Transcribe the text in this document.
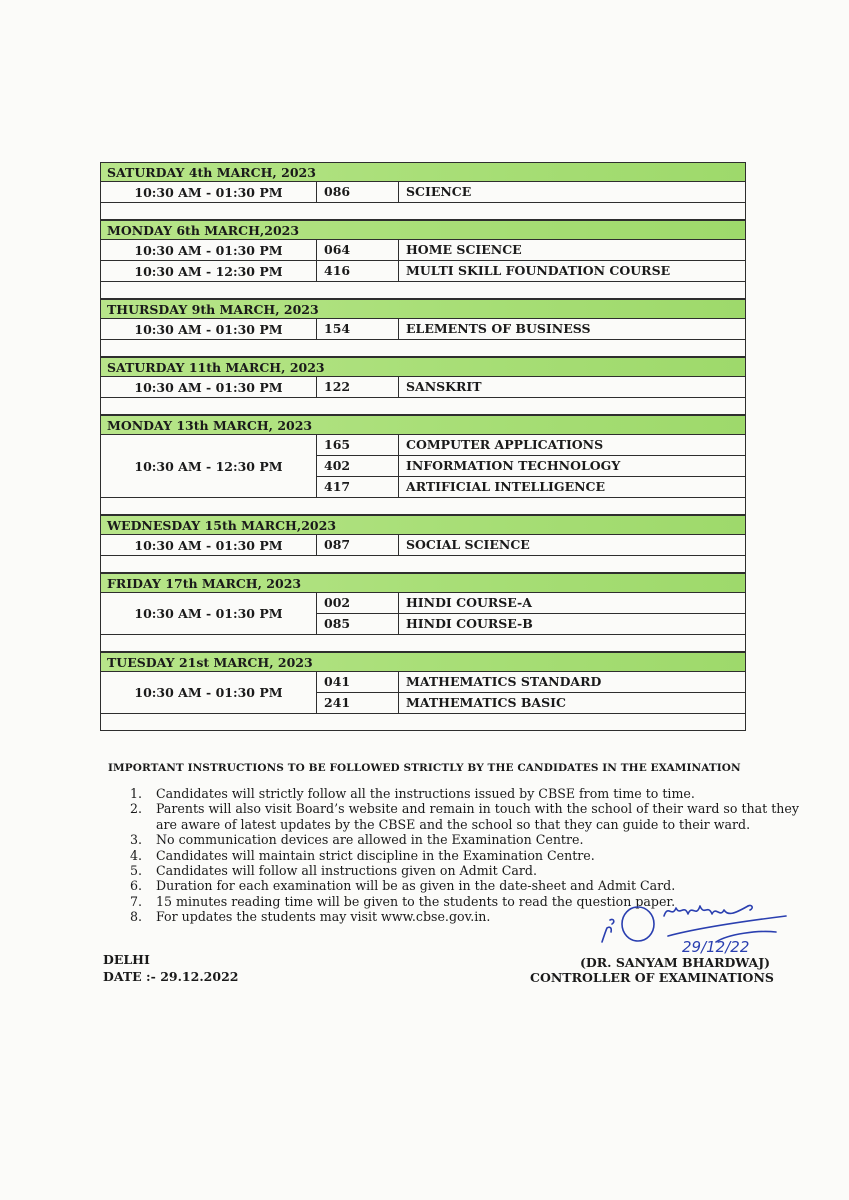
SATURDAY 4th MARCH, 2023
10:30 AM - 01:30 PM	086	SCIENCE
MONDAY 6th MARCH,2023
10:30 AM - 01:30 PM	064	HOME SCIENCE
10:30 AM - 12:30 PM	416	MULTI SKILL FOUNDATION COURSE
THURSDAY 9th MARCH, 2023
10:30 AM - 01:30 PM	154	ELEMENTS OF BUSINESS
SATURDAY 11th MARCH, 2023
10:30 AM - 01:30 PM	122	SANSKRIT
MONDAY 13th MARCH, 2023
10:30 AM - 12:30 PM
165	COMPUTER APPLICATIONS
402	INFORMATION TECHNOLOGY
417	ARTIFICIAL INTELLIGENCE
WEDNESDAY 15th MARCH,2023
10:30 AM - 01:30 PM	087	SOCIAL SCIENCE
FRIDAY 17th MARCH, 2023
10:30 AM - 01:30 PM
002	HINDI COURSE-A
085	HINDI COURSE-B
TUESDAY 21st MARCH, 2023
10:30 AM - 01:30 PM
041	MATHEMATICS STANDARD
241	MATHEMATICS BASIC
IMPORTANT INSTRUCTIONS TO BE FOLLOWED STRICTLY BY THE CANDIDATES IN THE EXAMINATION
1.	Candidates will strictly follow all the instructions issued by CBSE from time to time.
2.	Parents will also visit Board’s website and remain in touch with the school of their ward so that they are aware of latest updates by the CBSE and the school so that they can guide to their ward.
3.	No communication devices are allowed in the Examination Centre.
4.	Candidates will maintain strict discipline in the Examination Centre.
5.	Candidates will follow all instructions given on Admit Card.
6.	Duration for each examination will be as given in the date-sheet and Admit Card.
7.	15 minutes reading time will be given to the students to read the question paper.
8.	For updates the students may visit www.cbse.gov.in.
DELHI
DATE :- 29.12.2022
29/12/22
(DR. SANYAM BHARDWAJ)
CONTROLLER OF EXAMINATIONS
